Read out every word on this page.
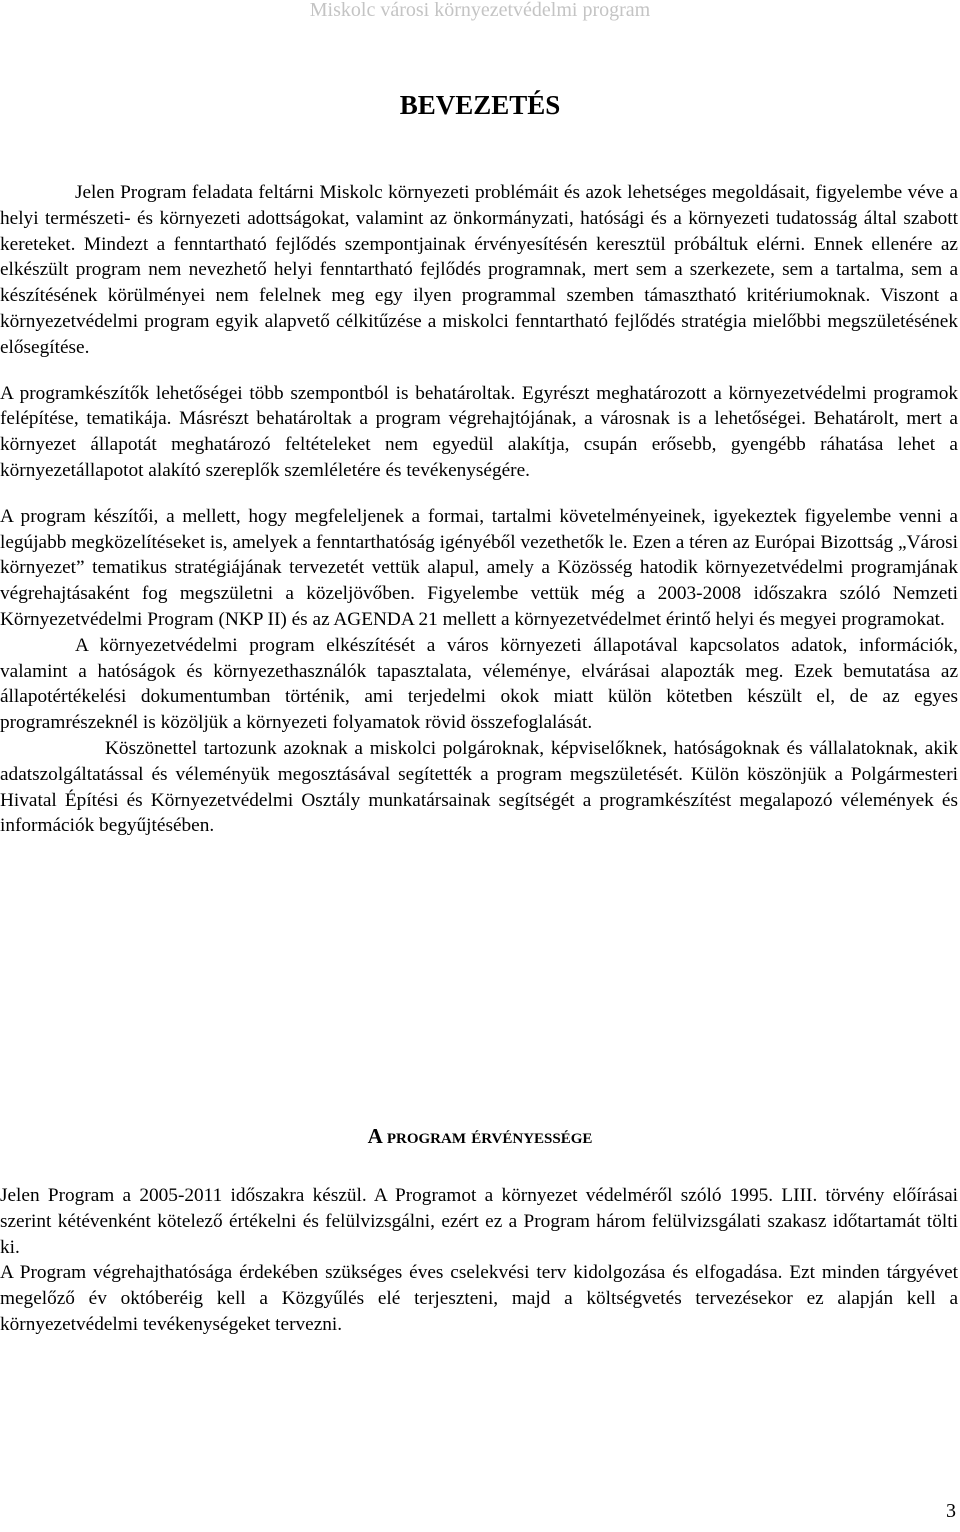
Miskolc városi környezetvédelmi program
BEVEZETÉS

Jelen Program feladata feltárni Miskolc környezeti problémáit és azok lehetséges megoldásait, figyelembe véve a helyi természeti- és környezeti adottságokat, valamint az önkormányzati, hatósági és a környezeti tudatosság által szabott kereteket. Mindezt a fenntartható fejlődés szempontjainak érvényesítésén keresztül próbáltuk elérni. Ennek ellenére az elkészült program nem nevezhető helyi fenntartható fejlődés programnak, mert sem a szerkezete, sem a tartalma, sem a készítésének körülményei nem felelnek meg egy ilyen programmal szemben támasztható kritériumoknak. Viszont a környezetvédelmi program egyik alapvető célkitűzése a miskolci fenntartható fejlődés stratégia mielőbbi megszületésének elősegítése.

A programkészítők lehetőségei több szempontból is behatároltak. Egyrészt meghatározott a környezetvédelmi programok felépítése, tematikája. Másrészt behatároltak a program végrehajtójának, a városnak is a lehetőségei. Behatárolt, mert a környezet állapotát meghatározó feltételeket nem egyedül alakítja, csupán erősebb, gyengébb ráhatása lehet a környezetállapotot alakító szereplők szemléletére és tevékenységére.

A program készítői, a mellett, hogy megfeleljenek a formai, tartalmi követelményeinek, igyekeztek figyelembe venni a legújabb megközelítéseket is, amelyek a fenntarthatóság igényéből vezethetők le. Ezen a téren az Európai Bizottság „Városi környezet” tematikus stratégiájának tervezetét vettük alapul, amely a Közösség hatodik környezetvédelmi programjának végrehajtásaként fog megszületni a közeljövőben. Figyelembe vettük még a 2003-2008 időszakra szóló Nemzeti Környezetvédelmi Program (NKP II) és az AGENDA 21 mellett a környezetvédelmet érintő helyi és megyei programokat.

A környezetvédelmi program elkészítését a város környezeti állapotával kapcsolatos adatok, információk, valamint a hatóságok és környezethasználók tapasztalata, véleménye, elvárásai alapozták meg. Ezek bemutatása az állapotértékelési dokumentumban történik, ami terjedelmi okok miatt külön kötetben készült el, de az egyes programrészeknél is közöljük a környezeti folyamatok rövid összefoglalását.

Köszönettel tartozunk azoknak a miskolci polgároknak, képviselőknek, hatóságoknak és vállalatoknak, akik adatszolgáltatással és véleményük megosztásával segítették a program megszületését. Külön köszönjük a Polgármesteri Hivatal Építési és Környezetvédelmi Osztály munkatársainak segítségét a programkészítést megalapozó vélemények és információk begyűjtésében.

A program érvényessége

Jelen Program a 2005-2011 időszakra készül. A Programot a környezet védelméről szóló 1995. LIII. törvény előírásai szerint kétévenként kötelező értékelni és felülvizsgálni, ezért ez a Program három felülvizsgálati szakasz időtartamát tölti ki.

A Program végrehajthatósága érdekében szükséges éves cselekvési terv kidolgozása és elfogadása. Ezt minden tárgyévet megelőző év októberéig kell a Közgyűlés elé terjeszteni, majd a költségvetés tervezésekor ez alapján kell a környezetvédelmi tevékenységeket tervezni.

3
